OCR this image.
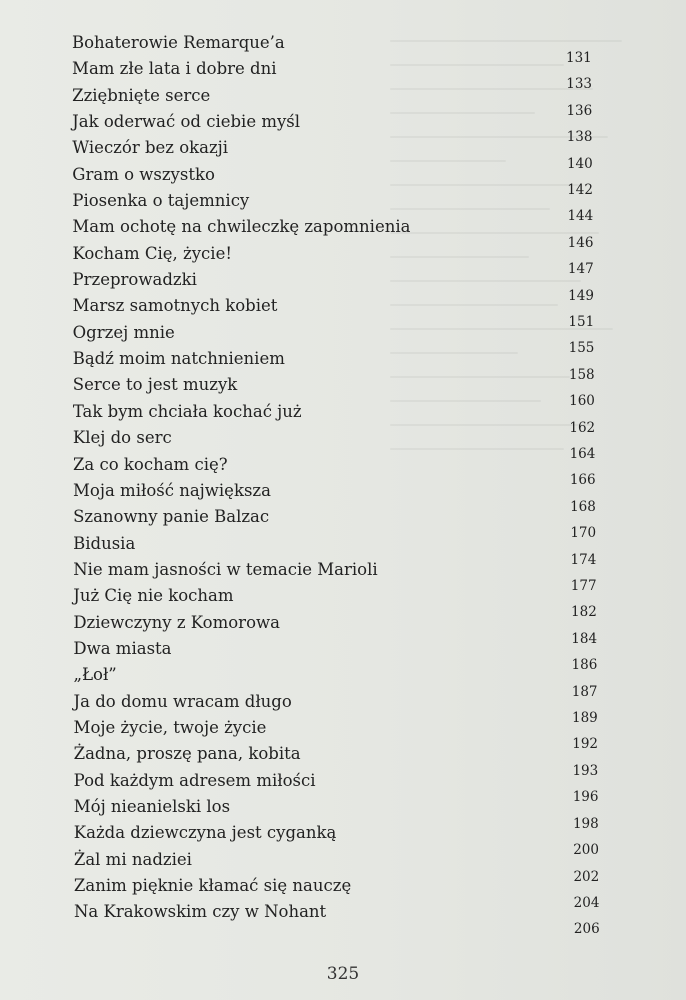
Bohaterowie Remarque’a
131
Mam złe lata i dobre dni
133
Zziębnięte serce
136
Jak oderwać od ciebie myśl
138
Wieczór bez okazji
140
Gram o wszystko
142
Piosenka o tajemnicy
144
Mam ochotę na chwileczkę zapomnienia
146
Kocham Cię, życie!
147
Przeprowadzki
149
Marsz samotnych kobiet
151
Ogrzej mnie
155
Bądź moim natchnieniem
158
Serce to jest muzyk
160
Tak bym chciała kochać już
162
Klej do serc
164
Za co kocham cię?
166
Moja miłość największa
168
Szanowny panie Balzac
170
Bidusia
174
Nie mam jasności w temacie Marioli
177
Już Cię nie kocham
182
Dziewczyny z Komorowa
184
Dwa miasta
186
„Łoł”
187
Ja do domu wracam długo
189
Moje życie, twoje życie
192
Żadna, proszę pana, kobita
193
Pod każdym adresem miłości
196
Mój nieanielski los
198
Każda dziewczyna jest cyganką
200
Żal mi nadziei
202
Zanim pięknie kłamać się nauczę
204
Na Krakowskim czy w Nohant
206
325
